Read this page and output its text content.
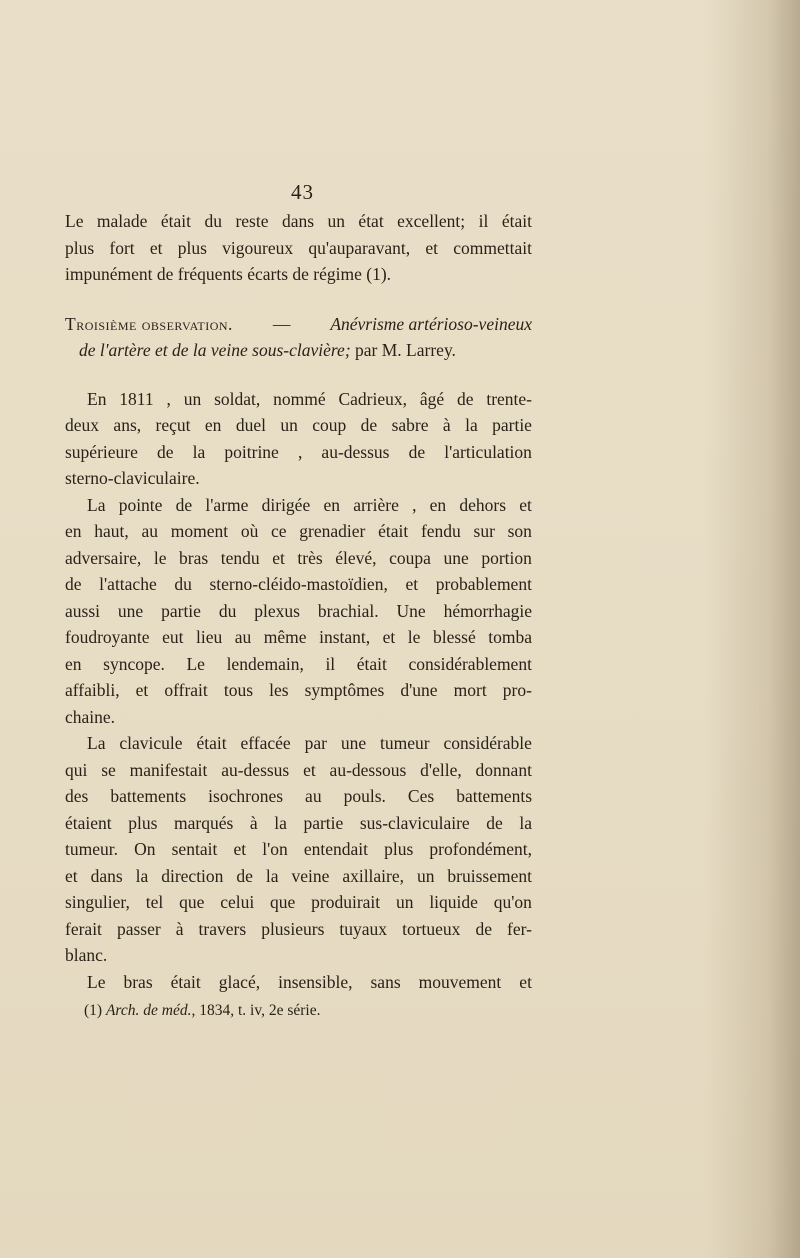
43
Le malade était du reste dans un état excellent; il était
plus fort et plus vigoureux qu'auparavant, et commettait
impunément de fréquents écarts de régime (1).
Troisième observation. — Anévrisme artérioso-veineux
de l'artère et de la veine sous-clavière; par M. Larrey.
En 1811 , un soldat, nommé Cadrieux, âgé de trente-
deux ans, reçut en duel un coup de sabre à la partie
supérieure de la poitrine , au-dessus de l'articulation
sterno-claviculaire.
La pointe de l'arme dirigée en arrière , en dehors et
en haut, au moment où ce grenadier était fendu sur son
adversaire, le bras tendu et très élevé, coupa une portion
de l'attache du sterno-cléido-mastoïdien, et probablement
aussi une partie du plexus brachial. Une hémorrhagie
foudroyante eut lieu au même instant, et le blessé tomba
en syncope. Le lendemain, il était considérablement
affaibli, et offrait tous les symptômes d'une mort pro-
chaine.
La clavicule était effacée par une tumeur considérable
qui se manifestait au-dessus et au-dessous d'elle, donnant
des battements isochrones au pouls. Ces battements
étaient plus marqués à la partie sus-claviculaire de la
tumeur. On sentait et l'on entendait plus profondément,
et dans la direction de la veine axillaire, un bruissement
singulier, tel que celui que produirait un liquide qu'on
ferait passer à travers plusieurs tuyaux tortueux de fer-
blanc.
Le bras était glacé, insensible, sans mouvement et
(1) Arch. de méd., 1834, t. iv, 2e série.
